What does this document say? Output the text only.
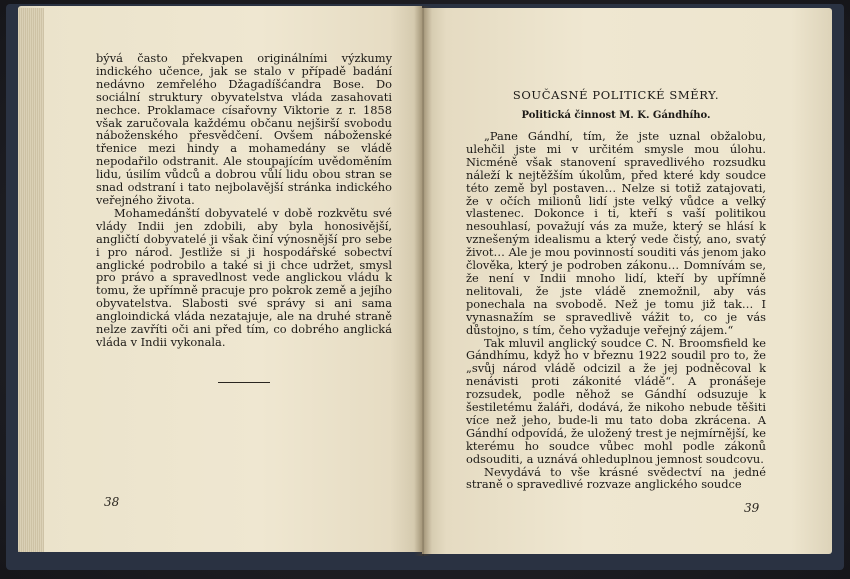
bývá často překvapen originálními výzkumy indického učence, jak se stalo v případě badání nedávno zemřelého Džagadíšćandra Bose. Do sociální struktury obyvatelstva vláda zasahovati nechce. Proklamace císařovny Viktorie z r. 1858 však zaručovala každému občanu nejširší svobodu náboženského přesvědčení. Ovšem náboženské třenice mezi hindy a mohamedány se vládě nepodařilo odstranit. Ale stoupajícím uvědoměním lidu, úsilím vůdců a dobrou vůlí lidu obou stran se snad odstraní i tato nejbolavější stránka indického veřejného života.

Mohamedánští dobyvatelé v době rozkvětu své vlády Indii jen zdobili, aby byla honosivější, angličtí dobyvatelé ji však činí výnosnější pro sebe i pro národ. Jestliže si ji hospodářské sobectví anglické podrobilo a také si ji chce udržet, smysl pro právo a spravedlnost vede anglickou vládu k tomu, že upřímně pracuje pro pokrok země a jejího obyvatelstva. Slabosti své správy si ani sama angloindická vláda nezatajuje, ale na druhé straně nelze zavříti oči ani před tím, co dobrého anglická vláda v Indii vykonala.

38
SOUČASNÉ POLITICKÉ SMĚRY.
Politická činnost M. K. Gándhího.

„Pane Gándhí, tím, že jste uznal obžalobu, ulehčil jste mi v určitém smysle mou úlohu. Nicméně však stanovení spravedlivého rozsudku náleží k nejtěžším úkolům, před které kdy soudce této země byl postaven… Nelze si totiž zatajovati, že v očích milionů lidí jste velký vůdce a velký vlastenec. Dokonce i ti, kteří s vaší politikou nesouhlasí, považují vás za muže, který se hlásí k vznešeným idealismu a který vede čistý, ano, svatý život… Ale je mou povinností souditi vás jenom jako člověka, který je podroben zákonu… Domnívám se, že není v Indii mnoho lidí, kteří by upřímně nelitovali, že jste vládě znemožnil, aby vás ponechala na svobodě. Než je tomu již tak… I vynasnažím se spravedlivě vážit to, co je vás důstojno, s tím, čeho vyžaduje veřejný zájem.“

Tak mluvil anglický soudce C. N. Broomsfield ke Gándhímu, když ho v březnu 1922 soudil pro to, že „svůj národ vládě odcizil a že jej podněcoval k nenávisti proti zákonité vládě“. A pronášeje rozsudek, podle něhož se Gándhí odsuzuje k šestiletému žaláři, dodává, že nikoho nebude těšiti více než jeho, bude-li mu tato doba zkrácena. A Gándhí odpovídá, že uložený trest je nejmírnější, ke kterému ho soudce vůbec mohl podle zákonů odsouditi, a uznává ohleduplnou jemnost soudcovu.

Nevydává to vše krásné svědectví na jedné straně o spravedlivé rozvaze anglického soudce

39
